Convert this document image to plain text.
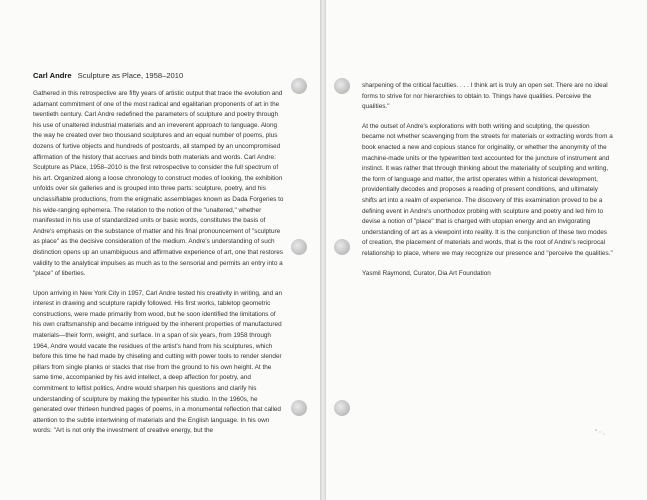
Carl Andre Sculpture as Place, 1958–2010

Gathered in this retrospective are fifty years of artistic output that trace the evolution and adamant commitment of one of the most radical and egalitarian proponents of art in the twentieth century. Carl Andre redefined the parameters of sculpture and poetry through his use of unaltered industrial materials and an irreverent approach to language. Along the way he created over two thousand sculptures and an equal number of poems, plus dozens of furtive objects and hundreds of postcards, all stamped by an uncompromised affirmation of the history that accrues and binds both materials and words. Carl Andre: Sculpture as Place, 1958–2010 is the first retrospective to consider the full spectrum of his art. Organized along a loose chronology to construct modes of looking, the exhibition unfolds over six galleries and is grouped into three parts: sculpture, poetry, and his unclassifiable productions, from the enigmatic assemblages known as Dada Forgeries to his wide-ranging ephemera. The relation to the notion of the "unaltered," whether manifested in his use of standardized units or basic words, constitutes the basis of Andre's emphasis on the substance of matter and his final pronouncement of "sculpture as place" as the decisive consideration of the medium. Andre's understanding of such distinction opens up an unambiguous and affirmative experience of art, one that restores validity to the analytical impulses as much as to the sensorial and permits an entry into a "place" of liberties.

Upon arriving in New York City in 1957, Carl Andre tested his creativity in writing, and an interest in drawing and sculpture rapidly followed. His first works, tabletop geometric constructions, were made primarily from wood, but he soon identified the limitations of his own craftsmanship and became intrigued by the inherent properties of manufactured materials—their form, weight, and surface. In a span of six years, from 1958 through 1964, Andre would vacate the residues of the artist's hand from his sculptures, which before this time he had made by chiseling and cutting with power tools to render slender pillars from single planks or stacks that rise from the ground to his own height. At the same time, accompanied by his avid intellect, a deep affection for poetry, and commitment to leftist politics, Andre would sharpen his questions and clarify his understanding of sculpture by making the typewriter his studio. In the 1960s, he generated over thirteen hundred pages of poems, in a monumental reflection that called attention to the subtle intertwining of materials and the English language. In his own words: "Art is not only the investment of creative energy, but the

sharpening of the critical faculties. . . . I think art is truly an open set. There are no ideal forms to strive for nor hierarchies to obtain to. Things have qualities. Perceive the qualities."

At the outset of Andre's explorations with both writing and sculpting, the question became not whether scavenging from the streets for materials or extracting words from a book enacted a new and copious stance for originality, or whether the anonymity of the machine-made units or the typewritten text accounted for the juncture of instrument and instinct. It was rather that through thinking about the materiality of sculpting and writing, the form of language and matter, the artist operates within a historical development, providentially decodes and proposes a reading of present conditions, and ultimately shifts art into a realm of experience. The discovery of this examination proved to be a defining event in Andre's unorthodox probing with sculpture and poetry and led him to devise a notion of "place" that is charged with utopian energy and an invigorating understanding of art as a viewpoint into reality. It is the conjunction of these two modes of creation, the placement of materials and words, that is the root of Andre's reciprocal relationship to place, where we may recognize our presence and "perceive the qualities."

Yasmil Raymond, Curator, Dia Art Foundation
